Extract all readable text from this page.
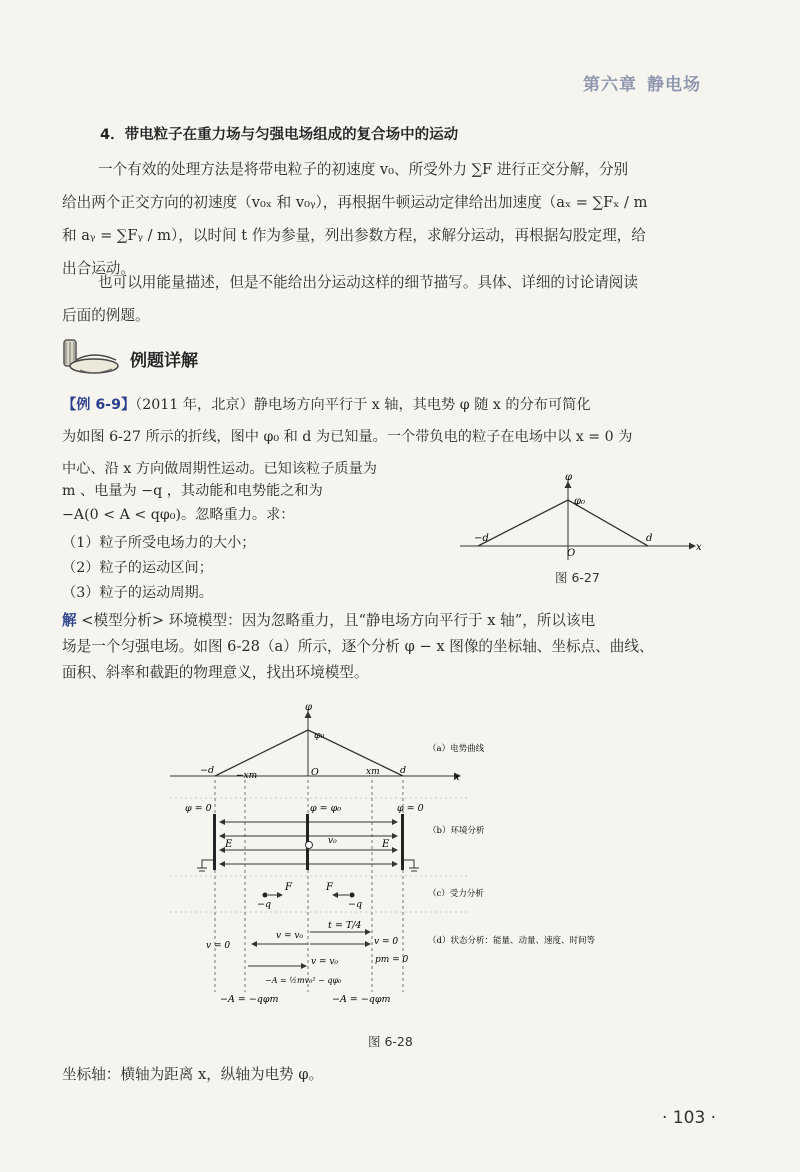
第六章 静电场
4．带电粒子在重力场与匀强电场组成的复合场中的运动
一个有效的处理方法是将带电粒子的初速度 v₀、所受外力 ∑F 进行正交分解，分别
给出两个正交方向的初速度（v₀ₓ 和 v₀ᵧ），再根据牛顿运动定律给出加速度（aₓ = ∑Fₓ / m
和 aᵧ = ∑Fᵧ / m），以时间 t 作为参量，列出参数方程，求解分运动，再根据勾股定理，给
出合运动。
也可以用能量描述，但是不能给出分运动这样的细节描写。具体、详细的讨论请阅读
后面的例题。
例题详解
【例 6-9】（2011 年，北京）静电场方向平行于 x 轴，其电势 φ 随 x 的分布可简化
为如图 6-27 所示的折线，图中 φ₀ 和 d 为已知量。一个带负电的粒子在电场中以 x = 0 为
中心、沿 x 方向做周期性运动。已知该粒子质量为
m 、电量为 −q ，其动能和电势能之和为
−A(0 < A < qφ₀)。忽略重力。求：
（1）粒子所受电场力的大小；
（2）粒子的运动区间；
（3）粒子的运动周期。
φ
x
φ₀
−d	d
O
图 6-27
解 <模型分析> 环境模型：因为忽略重力，且“静电场方向平行于 x 轴”，所以该电
场是一个匀强电场。如图 6-28（a）所示，逐个分析 φ − x 图像的坐标轴、坐标点、曲线、
面积、斜率和截距的物理意义，找出环境模型。
φ
x
φ₀
−d −xm	O	xm d
φ = 0	φ = φ₀	φ = 0
E	E
v₀
F
−q
F
−q
t = T/4
v = v₀
v = 0	v = 0
pm = 0
v = v₀
−A = ½mv₀² − qφ₀
−A = −qφm	−A = −qφm
（a）电势曲线
（b）环境分析
（c）受力分析
（d）状态分析：能量、动量、速度、时间等
图 6-28
坐标轴：横轴为距离 x，纵轴为电势 φ。
· 103 ·
